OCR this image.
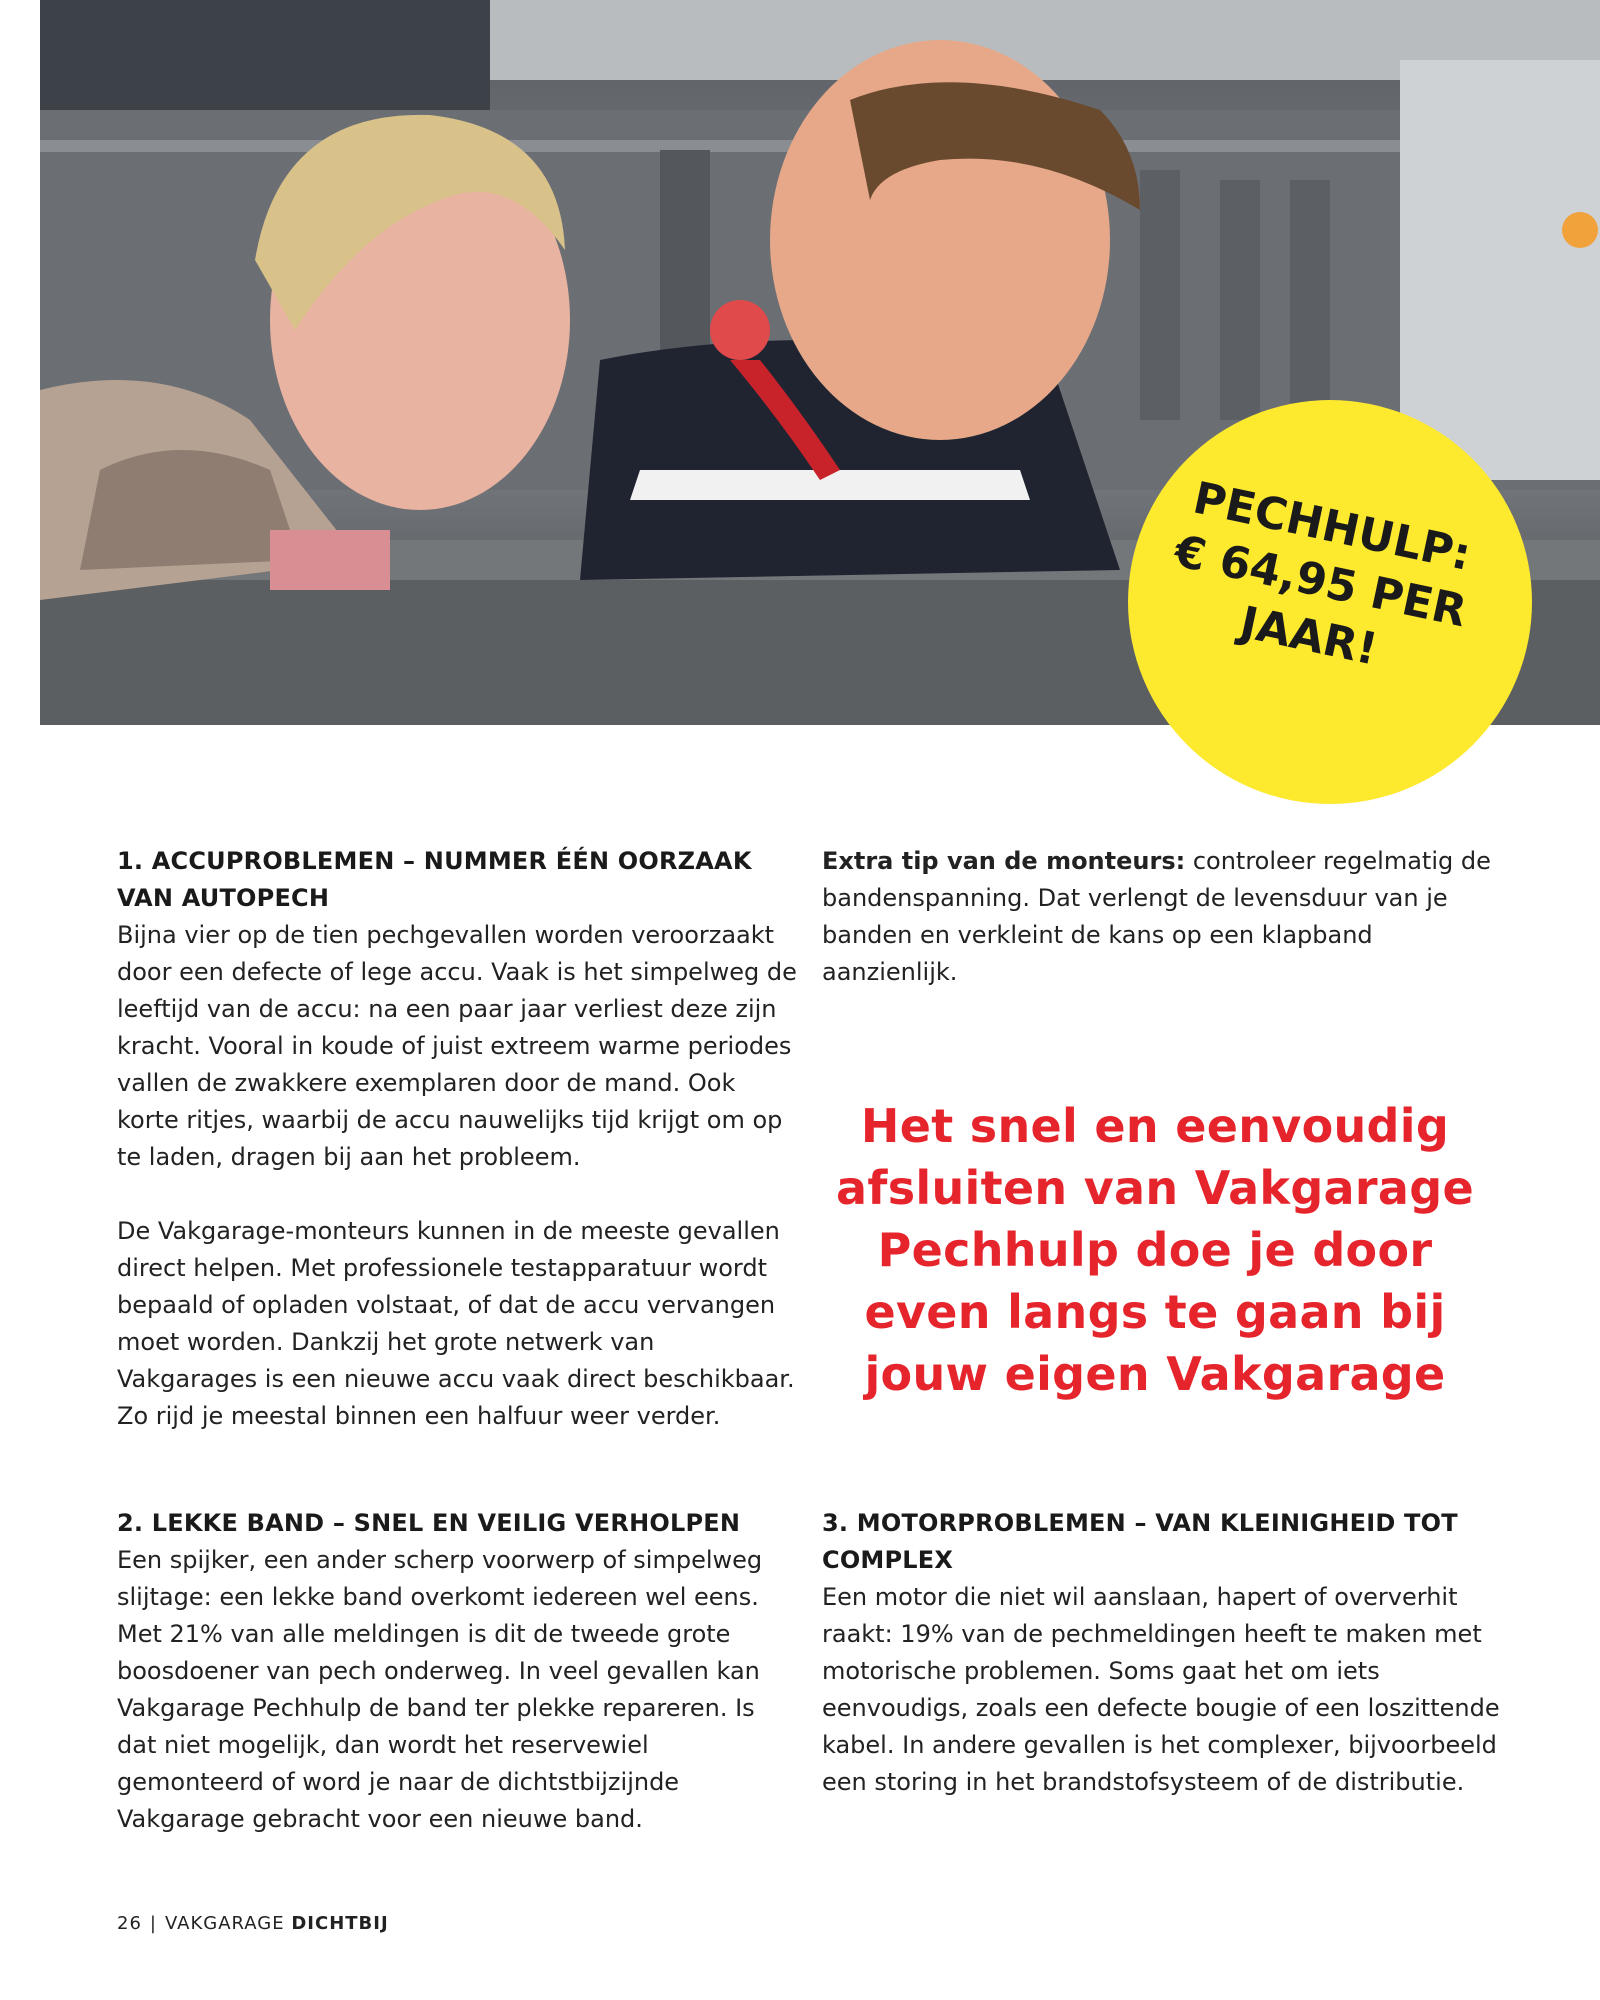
PECHHULP:
€ 64,95 PER
JAAR!
1. ACCUPROBLEMEN – NUMMER ÉÉN OORZAAK VAN AUTOPECH

Bijna vier op de tien pechgevallen worden veroorzaakt door een defecte of lege accu. Vaak is het simpelweg de leeftijd van de accu: na een paar jaar verliest deze zijn kracht. Vooral in koude of juist extreem warme periodes vallen de zwakkere exemplaren door de mand. Ook korte ritjes, waarbij de accu nauwelijks tijd krijgt om op te laden, dragen bij aan het probleem.

De Vakgarage-monteurs kunnen in de meeste gevallen direct helpen. Met professionele testapparatuur wordt bepaald of opladen volstaat, of dat de accu vervangen moet worden. Dankzij het grote netwerk van Vakgarages is een nieuwe accu vaak direct beschikbaar. Zo rijd je meestal binnen een halfuur weer verder.

Extra tip van de monteurs: controleer regelmatig de bandenspanning. Dat verlengt de levensduur van je banden en verkleint de kans op een klapband aanzienlijk.

Het snel en eenvoudig afsluiten van Vakgarage Pechhulp doe je door even langs te gaan bij jouw eigen Vakgarage
2. LEKKE BAND – SNEL EN VEILIG VERHOLPEN

Een spijker, een ander scherp voorwerp of simpelweg slijtage: een lekke band overkomt iedereen wel eens. Met 21% van alle meldingen is dit de tweede grote boosdoener van pech onderweg. In veel gevallen kan Vakgarage Pechhulp de band ter plekke repareren. Is dat niet mogelijk, dan wordt het reservewiel gemonteerd of word je naar de dichtstbijzijnde Vakgarage gebracht voor een nieuwe band.

3. MOTORPROBLEMEN – VAN KLEINIGHEID TOT COMPLEX

Een motor die niet wil aanslaan, hapert of oververhit raakt: 19% van de pechmeldingen heeft te maken met motorische problemen. Soms gaat het om iets eenvoudigs, zoals een defecte bougie of een loszittende kabel. In andere gevallen is het complexer, bijvoorbeeld een storing in het brandstofsysteem of de distributie.

26 | VAKGARAGE DICHTBIJ
